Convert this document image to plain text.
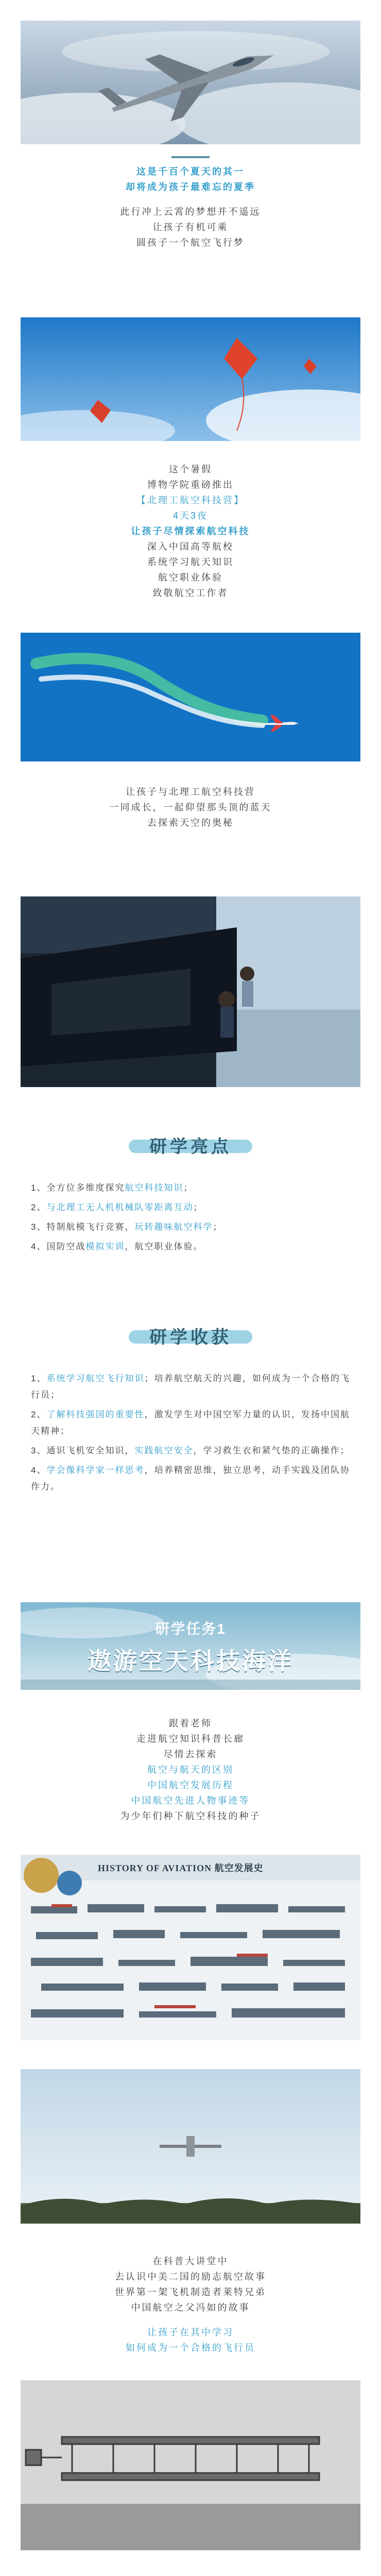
这是千百个夏天的其一

却将成为孩子最难忘的夏季

此行冲上云霄的梦想并不遥远

让孩子有机可乘

圆孩子一个航空飞行梦

这个暑假

博物学院重磅推出

【北理工航空科技营】

4天3夜

让孩子尽情探索航空科技

深入中国高等航校

系统学习航天知识

航空职业体验

致敬航空工作者

让孩子与北理工航空科技营

一同成长，一起仰望那头顶的蓝天

去探索天空的奥秘

研学亮点

1、全方位多维度探究航空科技知识；

2、与北理工无人机机械队零距离互动；

3、特制航模飞行竞赛，玩转趣味航空科学；

4、国防空战模拟实训，航空职业体验。

研学收获

1、系统学习航空飞行知识；培养航空航天的兴趣，如何成为一个合格的飞行员；

2、了解科技强国的重要性，激发学生对中国空军力量的认识，发扬中国航天精神；

3、通识飞机安全知识，实践航空安全，学习救生衣和紧气垫的正确操作；

4、学会像科学家一样思考，培养精密思维，独立思考，动手实践及团队协作力。

研学任务1
遨游空天科技海洋

跟着老师

走进航空知识科普长廊

尽情去探索

航空与航天的区别

中国航空发展历程

中国航空先进人物事迹等

为少年们种下航空科技的种子

HISTORY OF AVIATION 航空发展史

在科普大讲堂中

去认识中美二国的励志航空故事

世界第一架飞机制造者莱特兄弟

中国航空之父冯如的故事

让孩子在其中学习

如何成为一个合格的飞行员
